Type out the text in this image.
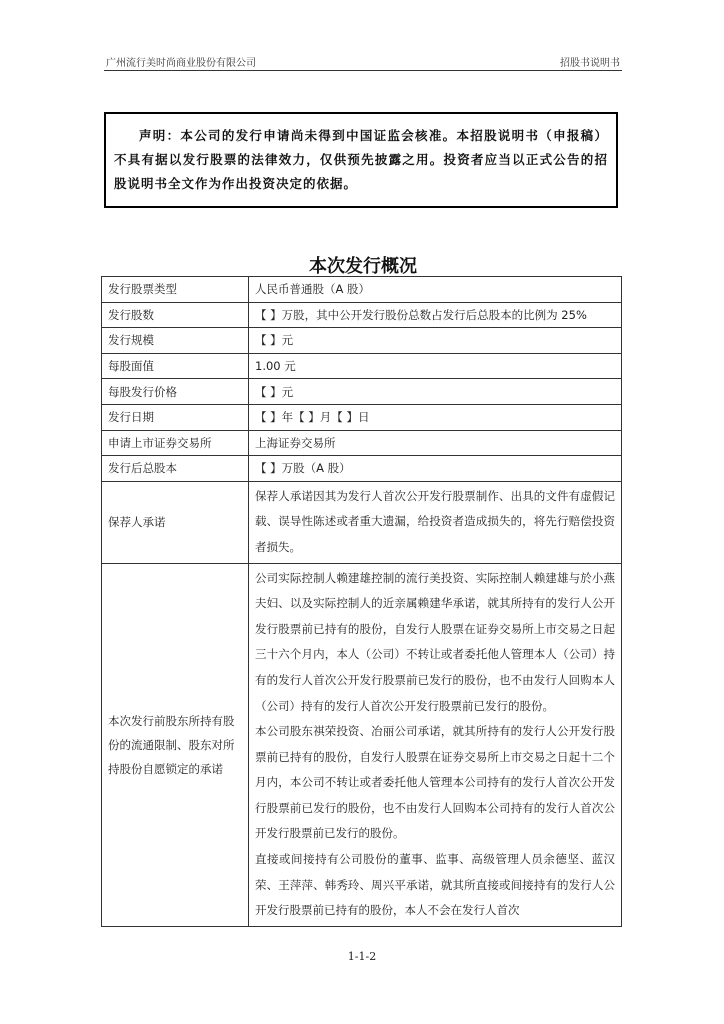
广州流行美时尚商业股份有限公司	招股书说明书
声明：本公司的发行申请尚未得到中国证监会核准。本招股说明书（申报稿）不具有据以发行股票的法律效力，仅供预先披露之用。投资者应当以正式公告的招股说明书全文作为作出投资决定的依据。
本次发行概况
发行股票类型	人民币普通股（A 股）
发行股数	【 】万股，其中公开发行股份总数占发行后总股本的比例为 25%
发行规模	【 】元
每股面值	1.00 元
每股发行价格	【 】元
发行日期	【 】年【 】月【 】日
申请上市证券交易所	上海证券交易所
发行后总股本	【 】万股（A 股）
保荐人承诺	保荐人承诺因其为发行人首次公开发行股票制作、出具的文件有虚假记载、误导性陈述或者重大遗漏，给投资者造成损失的，将先行赔偿投资者损失。
本次发行前股东所持有股份的流通限制、股东对所持股份自愿锁定的承诺	公司实际控制人赖建雄控制的流行美投资、实际控制人赖建雄与於小燕夫妇、以及实际控制人的近亲属赖建华承诺，就其所持有的发行人公开发行股票前已持有的股份，自发行人股票在证券交易所上市交易之日起三十六个月内，本人（公司）不转让或者委托他人管理本人（公司）持有的发行人首次公开发行股票前已发行的股份，也不由发行人回购本人（公司）持有的发行人首次公开发行股票前已发行的股份。

本公司股东祺荣投资、冶丽公司承诺，就其所持有的发行人公开发行股票前已持有的股份，自发行人股票在证券交易所上市交易之日起十二个月内，本公司不转让或者委托他人管理本公司持有的发行人首次公开发行股票前已发行的股份，也不由发行人回购本公司持有的发行人首次公开发行股票前已发行的股份。

直接或间接持有公司股份的董事、监事、高级管理人员余德坚、蓝汉荣、王萍萍、韩秀玲、周兴平承诺，就其所直接或间接持有的发行人公开发行股票前已持有的股份，本人不会在发行人首次

1-1-2
